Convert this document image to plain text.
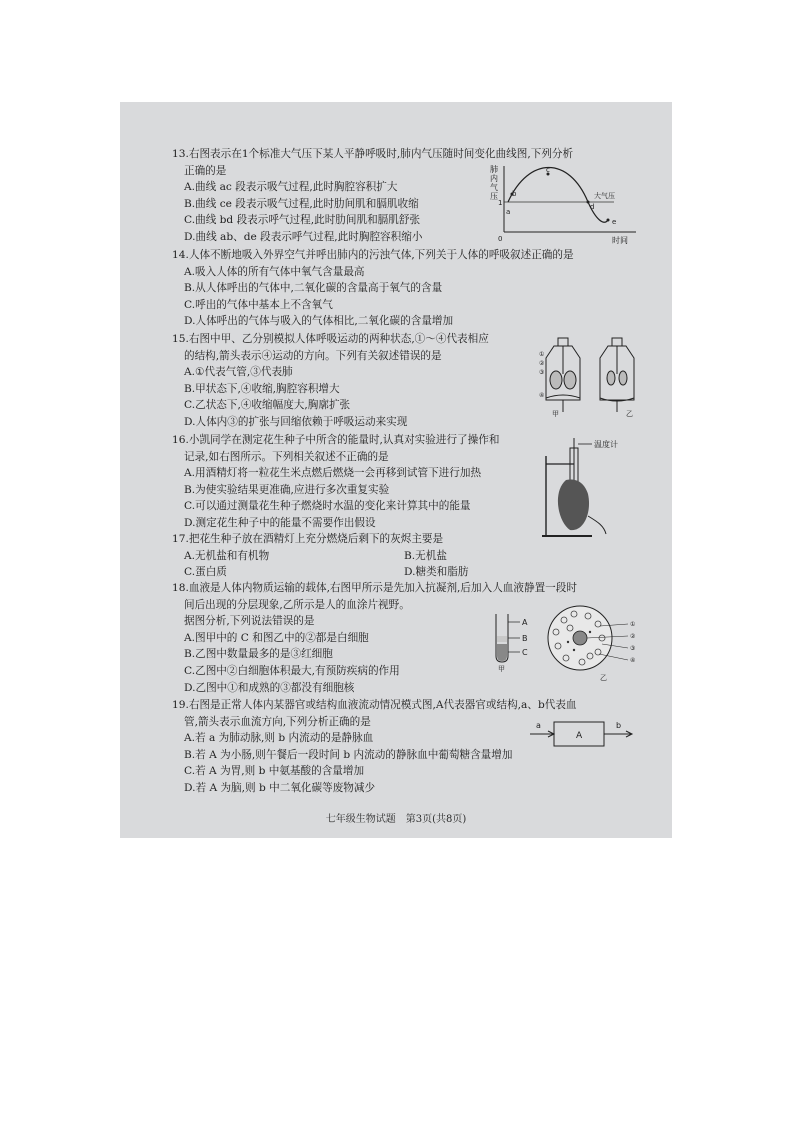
13.右图表示在1个标准大气压下某人平静呼吸时,肺内气压随时间变化曲线图,下列分析
正确的是
A.曲线 ac 段表示吸气过程,此时胸腔容积扩大
B.曲线 ce 段表示吸气过程,此时肋间肌和膈肌收缩
C.曲线 bd 段表示呼气过程,此时肋间肌和膈肌舒张
D.曲线 ab、de 段表示呼气过程,此时胸腔容积缩小
14.人体不断地吸入外界空气并呼出肺内的污浊气体,下列关于人体的呼吸叙述正确的是
A.吸入人体的所有气体中氧气含量最高
B.从人体呼出的气体中,二氧化碳的含量高于氧气的含量
C.呼出的气体中基本上不含氧气
D.人体呼出的气体与吸入的气体相比,二氧化碳的含量增加
15.右图中甲、乙分别模拟人体呼吸运动的两种状态,①～④代表相应
的结构,箭头表示④运动的方向。下列有关叙述错误的是
A.①代表气管,③代表肺
B.甲状态下,④收缩,胸腔容积增大
C.乙状态下,④收缩幅度大,胸廓扩张
D.人体内③的扩张与回缩依赖于呼吸运动来实现
16.小凯同学在测定花生种子中所含的能量时,认真对实验进行了操作和
记录,如右图所示。下列相关叙述不正确的是
A.用酒精灯将一粒花生米点燃后燃烧一会再移到试管下进行加热
B.为使实验结果更准确,应进行多次重复实验
C.可以通过测量花生种子燃烧时水温的变化来计算其中的能量
D.测定花生种子中的能量不需要作出假设
17.把花生种子放在酒精灯上充分燃烧后剩下的灰烬主要是
A.无机盐和有机物	B.无机盐
C.蛋白质	D.糖类和脂肪
18.血液是人体内物质运输的载体,右图甲所示是先加入抗凝剂,后加入人血液静置一段时
间后出现的分层现象,乙所示是人的血涂片视野。
据图分析,下列说法错误的是
A.图甲中的 C 和图乙中的②都是白细胞
B.乙图中数量最多的是③红细胞
C.乙图中②白细胞体积最大,有预防疾病的作用
D.乙图中①和成熟的③都没有细胞核
19.右图是正常人体内某器官或结构血液流动情况模式图,A代表器官或结构,a、b代表血
管,箭头表示血流方向,下列分析正确的是
A.若 a 为肺动脉,则 b 内流动的是静脉血
B.若 A 为小肠,则午餐后一段时间 b 内流动的静脉血中葡萄糖含量增加
C.若 A 为胃,则 b 中氨基酸的含量增加
D.若 A 为脑,则 b 中二氧化碳等废物减少
肺
内
气
压
0	时间
1
大气压
a
b
c
d
e
①
②
③
④
甲	乙
温度计
A
B
C
甲
①
②
③
④
乙
a
A
b
七年级生物试题　第3页(共8页)
